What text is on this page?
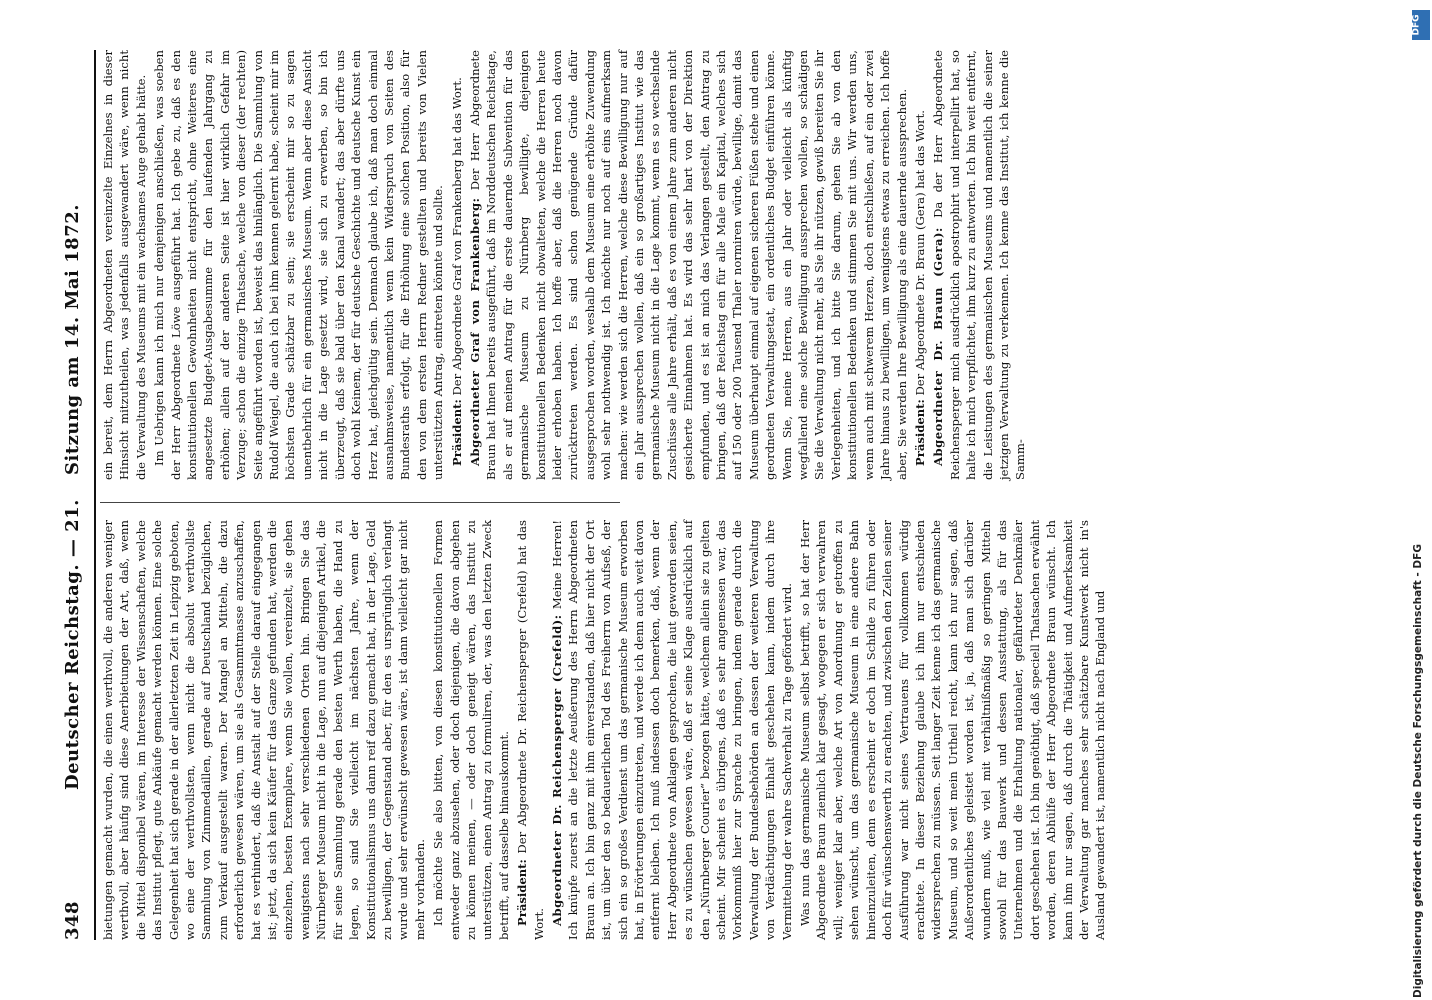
348
Deutscher Reichstag. — 21.
Sitzung am 14. Mai 1872.

bietungen gemacht wurden, die einen werthvoll, die anderen weniger werthvoll, aber häufig sind diese Anerbietungen der Art, daß, wenn die Mittel disponibel wären, im Interesse der Wissenschaften, welche das Institut pflegt, gute Ankäufe gemacht werden können. Eine solche Gelegenheit hat sich gerade in der allerletzten Zeit in Leipzig geboten, wo eine der werthvollsten, wenn nicht die absolut werthvollste Sammlung von Zinnmedaillen, gerade auf Deutschland bezüglichen, zum Verkauf ausgestellt waren. Der Mangel an Mitteln, die dazu erforderlich gewesen wären, um sie als Gesammtmasse anzuschaffen, hat es verhindert, daß die Anstalt auf der Stelle darauf eingegangen ist; jetzt, da sich kein Käufer für das Ganze gefunden hat, werden die einzelnen, besten Exemplare, wenn Sie wollen, vereinzelt, sie gehen wenigstens nach sehr verschiedenen Orten hin. Bringen Sie das Nürnberger Museum nicht in die Lage, nun auf diejenigen Artikel, die für seine Sammlung gerade den besten Werth haben, die Hand zu legen, so sind Sie vielleicht im nächsten Jahre, wenn der Konstitutionalismus uns dann reif dazu gemacht hat, in der Lage, Geld zu bewilligen, der Gegenstand aber, für den es ursprünglich verlangt wurde und sehr erwünscht gewesen wäre, ist dann vielleicht gar nicht mehr vorhanden. Ich möchte Sie also bitten, von diesen konstitutionellen Formen entweder ganz abzusehen, oder doch diejenigen, die davon abgehen zu können meinen, — oder doch geneigt wären, das Institut zu unterstützen, einen Antrag zu formuliren, der, was den letzten Zweck betrifft, auf dasselbe hinauskommt. Präsident: Der Abgeordnete Dr. Reichensperger (Crefeld) hat das Wort. Abgeordneter Dr. Reichensperger (Crefeld): Meine Herren! Ich knüpfe zuerst an die letzte Aeußerung des Herrn Abgeordneten Braun an. Ich bin ganz mit ihm einverstanden, daß hier nicht der Ort ist, um über den so bedauerlichen Tod des Freiherrn von Aufseß, der sich ein so großes Verdienst um das germanische Museum erworben hat, in Erörterungen einzutreten, und werde ich denn auch weit davon entfernt bleiben. Ich muß indessen doch bemerken, daß, wenn der Herr Abgeordnete von Anklagen gesprochen, die laut geworden seien, es zu wünschen gewesen wäre, daß er seine Klage ausdrücklich auf den „Nürnberger Courier“ bezogen hätte, welchem allein sie zu gelten scheint. Mir scheint es übrigens, daß es sehr angemessen war, das Vorkommniß hier zur Sprache zu bringen, indem gerade durch die Verwaltung der Bundesbehörden an dessen der weiteren Verwaltung von Verdächtigungen Einhalt geschehen kann, indem durch ihre Vermittelung der wahre Sachverhalt zu Tage gefördert wird. Was nun das germanische Museum selbst betrifft, so hat der Herr Abgeordnete Braun ziemlich klar gesagt, wogegen er sich verwahren will; weniger klar aber, welche Art von Anordnung er getroffen zu sehen wünscht, um das germanische Museum in eine andere Bahn hineinzuleiten, denn es erscheint er doch im Schilde zu führen oder doch für wünschenswerth zu erachten, und zwischen den Zeilen seiner Ausführung war nicht seines Vertrauens für vollkommen würdig erachtete. In dieser Beziehung glaube ich ihm nur entschieden widersprechen zu müssen. Seit langer Zeit kenne ich das germanische Museum, und so weit mein Urtheil reicht, kann ich nur sagen, daß Außerordentliches geleistet worden ist, ja, daß man sich darüber wundern muß, wie viel mit verhältnißmäßig so geringen Mitteln sowohl für das Bauwerk und dessen Ausstattung, als für das Unternehmen und die Erhaltung nationaler, gefährdeter Denkmäler dort geschehen ist. Ich bin genöthigt, daß speciell Thatsachen erwähnt worden, deren Abhülfe der Herr Abgeordnete Braun wünscht. Ich kann ihm nur sagen, daß durch die Thätigkeit und Aufmerksamkeit der Verwaltung gar manches sehr schätzbare Kunstwerk nicht in's Ausland gewandert ist, namentlich nicht nach England und

ein bereit, dem Herrn Abgeordneten vereinzelte Einzelnes in dieser Hinsicht mitzutheilen, was jedenfalls ausgewandert wäre, wenn nicht die Verwaltung des Museums mit ein wachsames Auge gehabt hätte. Im Uebrigen kann ich mich nur demjenigen anschließen, was soeben der Herr Abgeordnete Löwe ausgeführt hat. Ich gebe zu, daß es den konstitutionellen Gewohnheiten nicht entspricht, ohne Weiteres eine angesetzte Budget-Ausgabesumme für den laufenden Jahrgang zu erhöhen; allein auf der anderen Seite ist hier wirklich Gefahr im Verzuge; schon die einzige Thatsache, welche von dieser (der rechten) Seite angeführt worden ist, beweist das hinlänglich. Die Sammlung von Rudolf Weigel, die auch ich bei ihm kennen gelernt habe, scheint mir im höchsten Grade schätzbar zu sein; sie erscheint mir so zu sagen unentbehrlich für ein germanisches Museum. Wenn aber diese Ansicht nicht in die Lage gesetzt wird, sie sich zu erwerben, so bin ich überzeugt, daß sie bald über den Kanal wandert; das aber dürfte uns doch wohl Keinem, der für deutsche Geschichte und deutsche Kunst ein Herz hat, gleichgültig sein. Demnach glaube ich, daß man doch einmal ausnahmsweise, namentlich wenn kein Widerspruch von Seiten des Bundesraths erfolgt, für die Erhöhung eine solchen Position, also für den von dem ersten Herrn Redner gestellten und bereits von Vielen unterstützten Antrag, eintreten könnte und sollte. Präsident: Der Abgeordnete Graf von Frankenberg hat das Wort. Abgeordneter Graf von Frankenberg: Der Herr Abgeordnete Braun hat Ihnen bereits ausgeführt, daß im Norddeutschen Reichstage, als er auf meinen Antrag für die erste dauernde Subvention für das germanische Museum zu Nürnberg bewilligte, diejenigen konstitutionellen Bedenken nicht obwalteten, welche die Herren heute leider erhoben haben. Ich hoffe aber, daß die Herren noch davon zurücktreten werden. Es sind schon genügende Gründe dafür ausgesprochen worden, weshalb dem Museum eine erhöhte Zuwendung wohl sehr nothwendig ist. Ich möchte nur noch auf eins aufmerksam machen: wie werden sich die Herren, welche diese Bewilligung nur auf ein Jahr aussprechen wollen, daß ein so großartiges Institut wie das germanische Museum nicht in die Lage kommt, wenn es so wechselnde Zuschüsse alle Jahre erhält, daß es von einem Jahre zum anderen nicht gesicherte Einnahmen hat. Es wird das sehr hart von der Direktion empfunden, und es ist an mich das Verlangen gestellt, den Antrag zu bringen, daß der Reichstag ein für alle Male ein Kapital, welches sich auf 150 oder 200 Tausend Thaler normiren würde, bewillige, damit das Museum überhaupt einmal auf eigenen sicheren Füßen stehe und einen geordneten Verwaltungsetat, ein ordentliches Budget einführen könne. Wenn Sie, meine Herren, aus ein Jahr oder vielleicht als künftig wegfallend eine solche Bewilligung aussprechen wollen, so schädigen Sie die Verwaltung nicht mehr, als Sie ihr nützen, gewiß bereiten Sie ihr Verlegenheiten, und ich bitte Sie darum, gehen Sie ab von den konstitutionellen Bedenken und stimmen Sie mit uns. Wir werden uns, wenn auch mit schwerem Herzen, doch entschließen, auf ein oder zwei Jahre hinaus zu bewilligen, um wenigstens etwas zu erreichen. Ich hoffe aber, Sie werden Ihre Bewilligung als eine dauernde aussprechen. Präsident: Der Abgeordnete Dr. Braun (Gera) hat das Wort. Abgeordneter Dr. Braun (Gera): Da der Herr Abgeordnete Reichensperger mich ausdrücklich apostrophirt und interpellirt hat, so halte ich mich verpflichtet, ihm kurz zu antworten. Ich bin weit entfernt, die Leistungen des germanischen Museums und namentlich die seiner jetzigen Verwaltung zu verkennen. Ich kenne das Institut, ich kenne die Samm-

Digitalisierung gefördert durch die Deutsche Forschungsgemeinschaft - DFG
DFG
